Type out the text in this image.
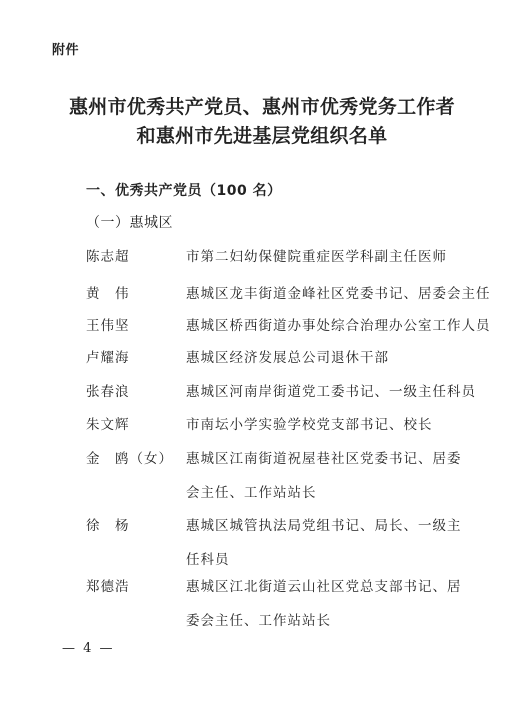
附件
惠州市优秀共产党员、惠州市优秀党务工作者
和惠州市先进基层党组织名单
一、优秀共产党员（100 名）
（一）惠城区
陈志超	市第二妇幼保健院重症医学科副主任医师
黄　伟	惠城区龙丰街道金峰社区党委书记、居委会主任
王伟坚	惠城区桥西街道办事处综合治理办公室工作人员
卢耀海	惠城区经济发展总公司退休干部
张春浪	惠城区河南岸街道党工委书记、一级主任科员
朱文辉	市南坛小学实验学校党支部书记、校长
金　鸥（女） 惠城区江南街道祝屋巷社区党委书记、居委
会主任、工作站站长
徐　杨	惠城区城管执法局党组书记、局长、一级主
任科员
郑德浩	惠城区江北街道云山社区党总支部书记、居
委会主任、工作站站长
— 4 —
